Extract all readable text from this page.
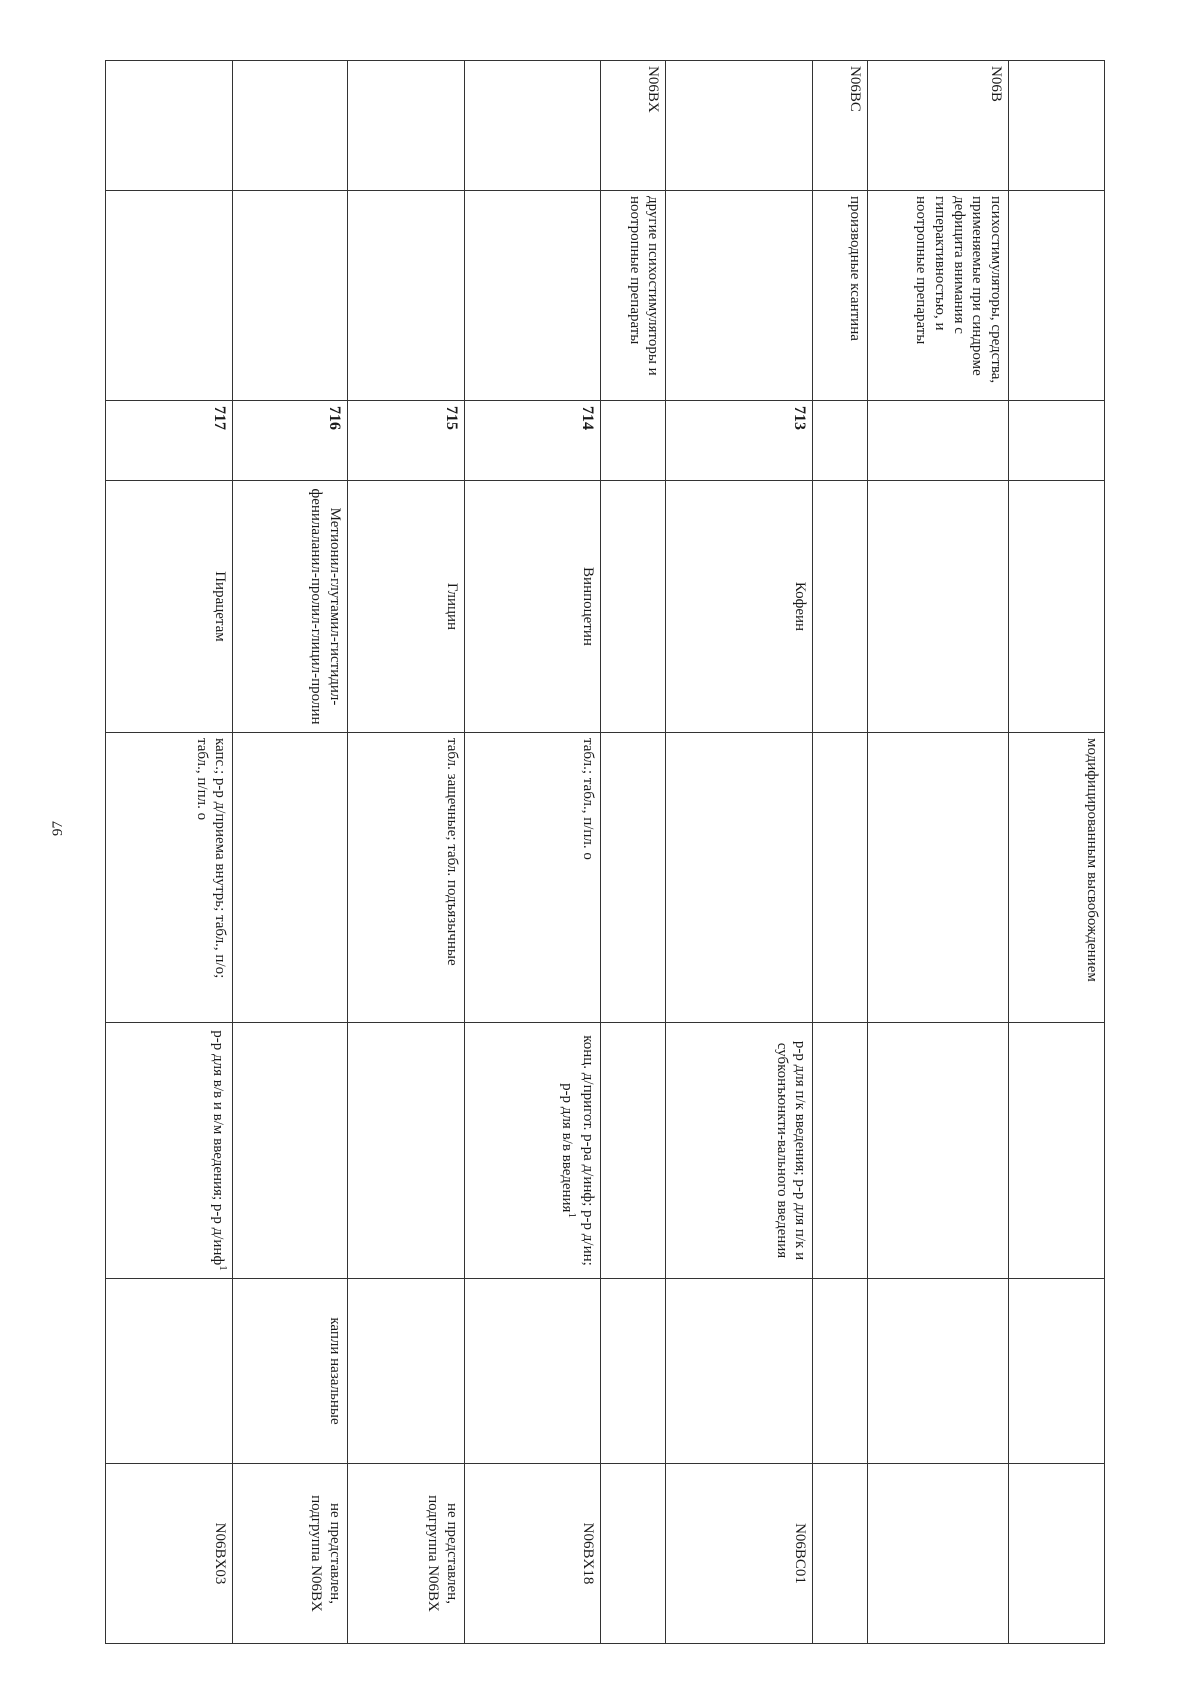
97
					модифицированным высвобождением			
N06B	психостимуляторы, средства, применяемые при синдроме дефицита внимания с гиперактивностью, и ноотропные препараты						
N06BC	производные ксантина						
		713	Кофеин		р-р для п/к введения; р-р для п/к и субконъюнкти-вального введения		N06BC01
N06BX	другие психостимуляторы и ноотропные препараты						
		714	Винпоцетин	табл.; табл., п/пл. о	конц. д/пригот. р-ра д/инф; р-р д/ин; р-р для в/в введения$^1$		N06BX18
		715	Глицин	табл. защечные; табл. подъязычные			не представлен, подгруппа N06BX
		716	Метионил-глутамил-гистидил-фенилаланил-пролил-глицил-пролин			капли назальные	не представлен, подгруппа N06BX
		717	Пирацетам	капс.; р-р д/приема внутрь; табл., п/о; табл., п/пл. о	р-р для в/в и в/м введения; р-р д/инф$^1$		N06BX03
